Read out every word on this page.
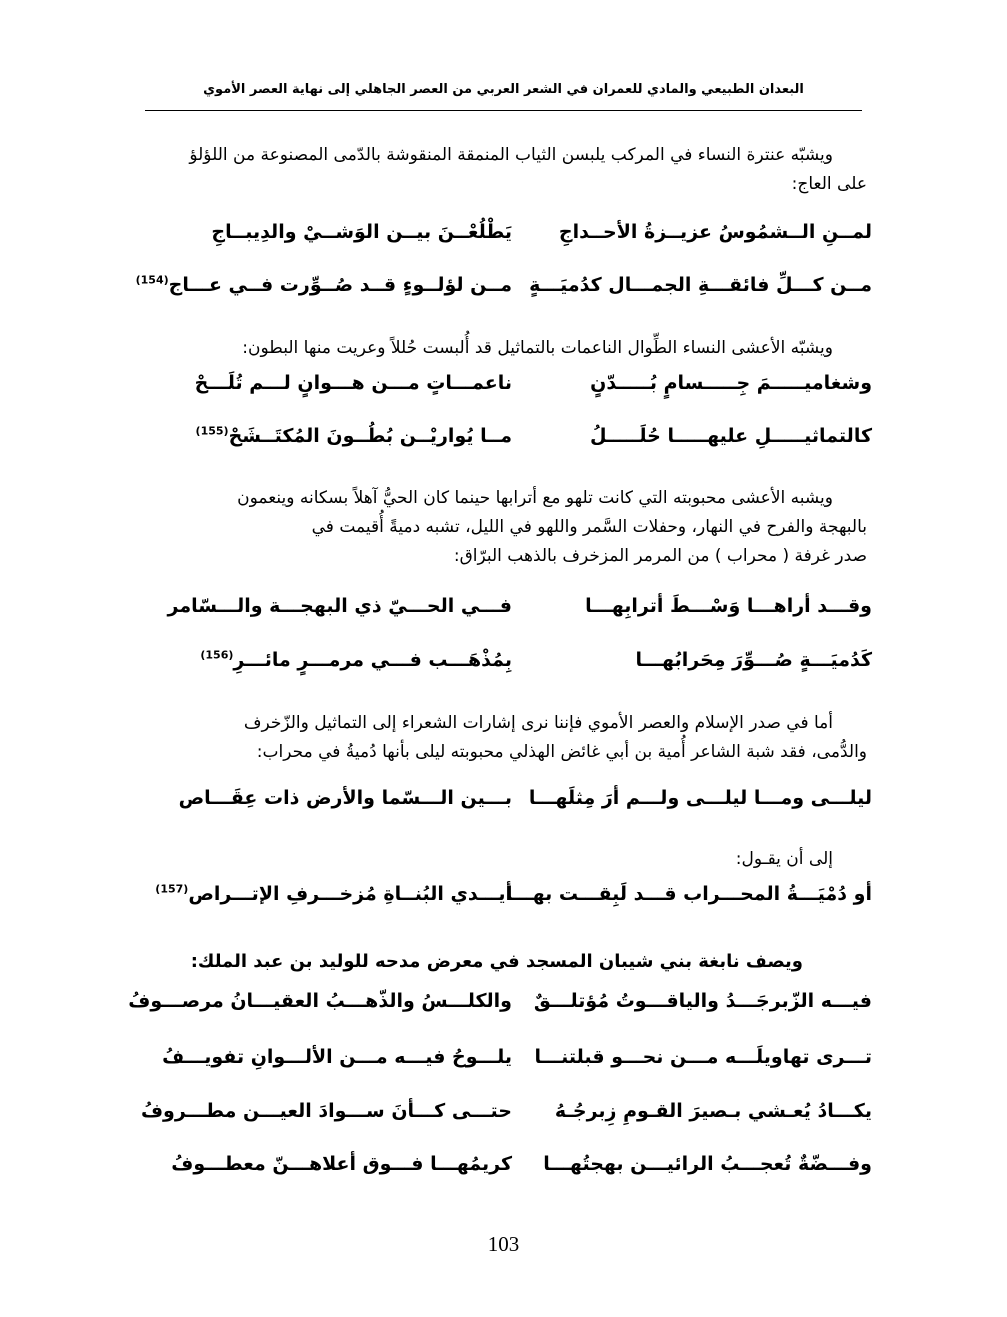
البعدان الطبيعي والمادي للعمران في الشعر العربي من العصر الجاهلي إلى نهاية العصر الأموي
ويشبّه عنترة النساء في المركب يلبسن الثياب المنمقة المنقوشة بالدّمى المصنوعة من اللؤلؤ
على العاج:
لمــنِ الــشمُوسُ عزيــزةُ الأحــداجِ
يَطْلُعْــنَ بيــن الوَشــيْ والدِيبــاجِ
مــن كـــلِّ فائقـــةِ الجمـــال كدُميَـــةٍ
مــن لؤلــوءٍ قــد صُــوِّرت فــي عـــاج$^{(154)}$
ويشبّه الأعشى النساء الطِّوال الناعمات بالتماثيل قد أُلبست حُللاً وعريت منها البطون:
وشغاميـــــمَ جِـــــسامٍ بُـــــدّنٍ
ناعمـــاتٍ مـــن هـــوانٍ لـــم تُلَـــحْ
كالتماثيـــــلِ عليهـــــا حُلَـــــلُ
مــا يُواريْــن بُطُــونَ المُكتَــشَحْ$^{(155)}$
ويشبه الأعشى محبوبته التي كانت تلهو مع أترابها حينما كان الحيُّ آهلاً بسكانه وينعمون
بالبهجة والفرح في النهار، وحفلات السَّمر واللهو في الليل، تشبه دميةً أُقيمت في
صدر غرفة ( محراب ) من المرمر المزخرف بالذهب البرّاق:
وقـــد أراهـــا وَسْـــطَ أترابِهـــا
فـــي الحـــيّ ذي البهجـــة والـــسّامر
كَدُميَـــةٍ صُـــوِّرَ مِحَرابُهـــا
بِمُذْهَـــب فـــي مرمـــرٍ مائـــرِ$^{(156)}$
أما في صدر الإسلام والعصر الأموي فإننا نرى إشارات الشعراء إلى التماثيل والزّخرف
والدُّمى، فقد شبة الشاعر أُمية بن أبي غائض الهذلي محبوبته ليلى بأنها دُميةُ في محراب:
ليلـــى ومـــا ليلـــى ولـــم أرَ مِثلَهـــا
بـــين الـــسّما والأرض ذات عِقَـــاص
إلى أن يقـول:
أو دُمْيَـــةُ المحـــراب قـــد لَبِقـــت بهـــا
أيـــدي البُنــاةِ مُزخـــرفِ الإتـــراص$^{(157)}$
ويصف نابغة بني شيبان المسجد في معرض مدحه للوليد بن عبد الملك:
فيـــه الزّبرجَـــدُ والياقـــوتُ مُؤتلـــقٌ
والكلـــسُ والذّهـــبُ العقيـــانُ مرصـــوفُ
تـــرى تهاويلَـــه مـــن نحـــو قبلتنـــا
يلـــوحُ فيـــه مـــن الألـــوانِ تفويـــفُ
يكـــادُ يُعـشي بـصيرَ القـومِ زِبرجُـهُ
حتـــى كـــأنَ ســـوادَ العيـــن مطـــروفُ
وفـــضّةٌ تُعجـــبُ الرائيـــن بهجتُهـــا
كريمُهـــا فـــوق أعلاهـــنّ معطـــوفُ
103
